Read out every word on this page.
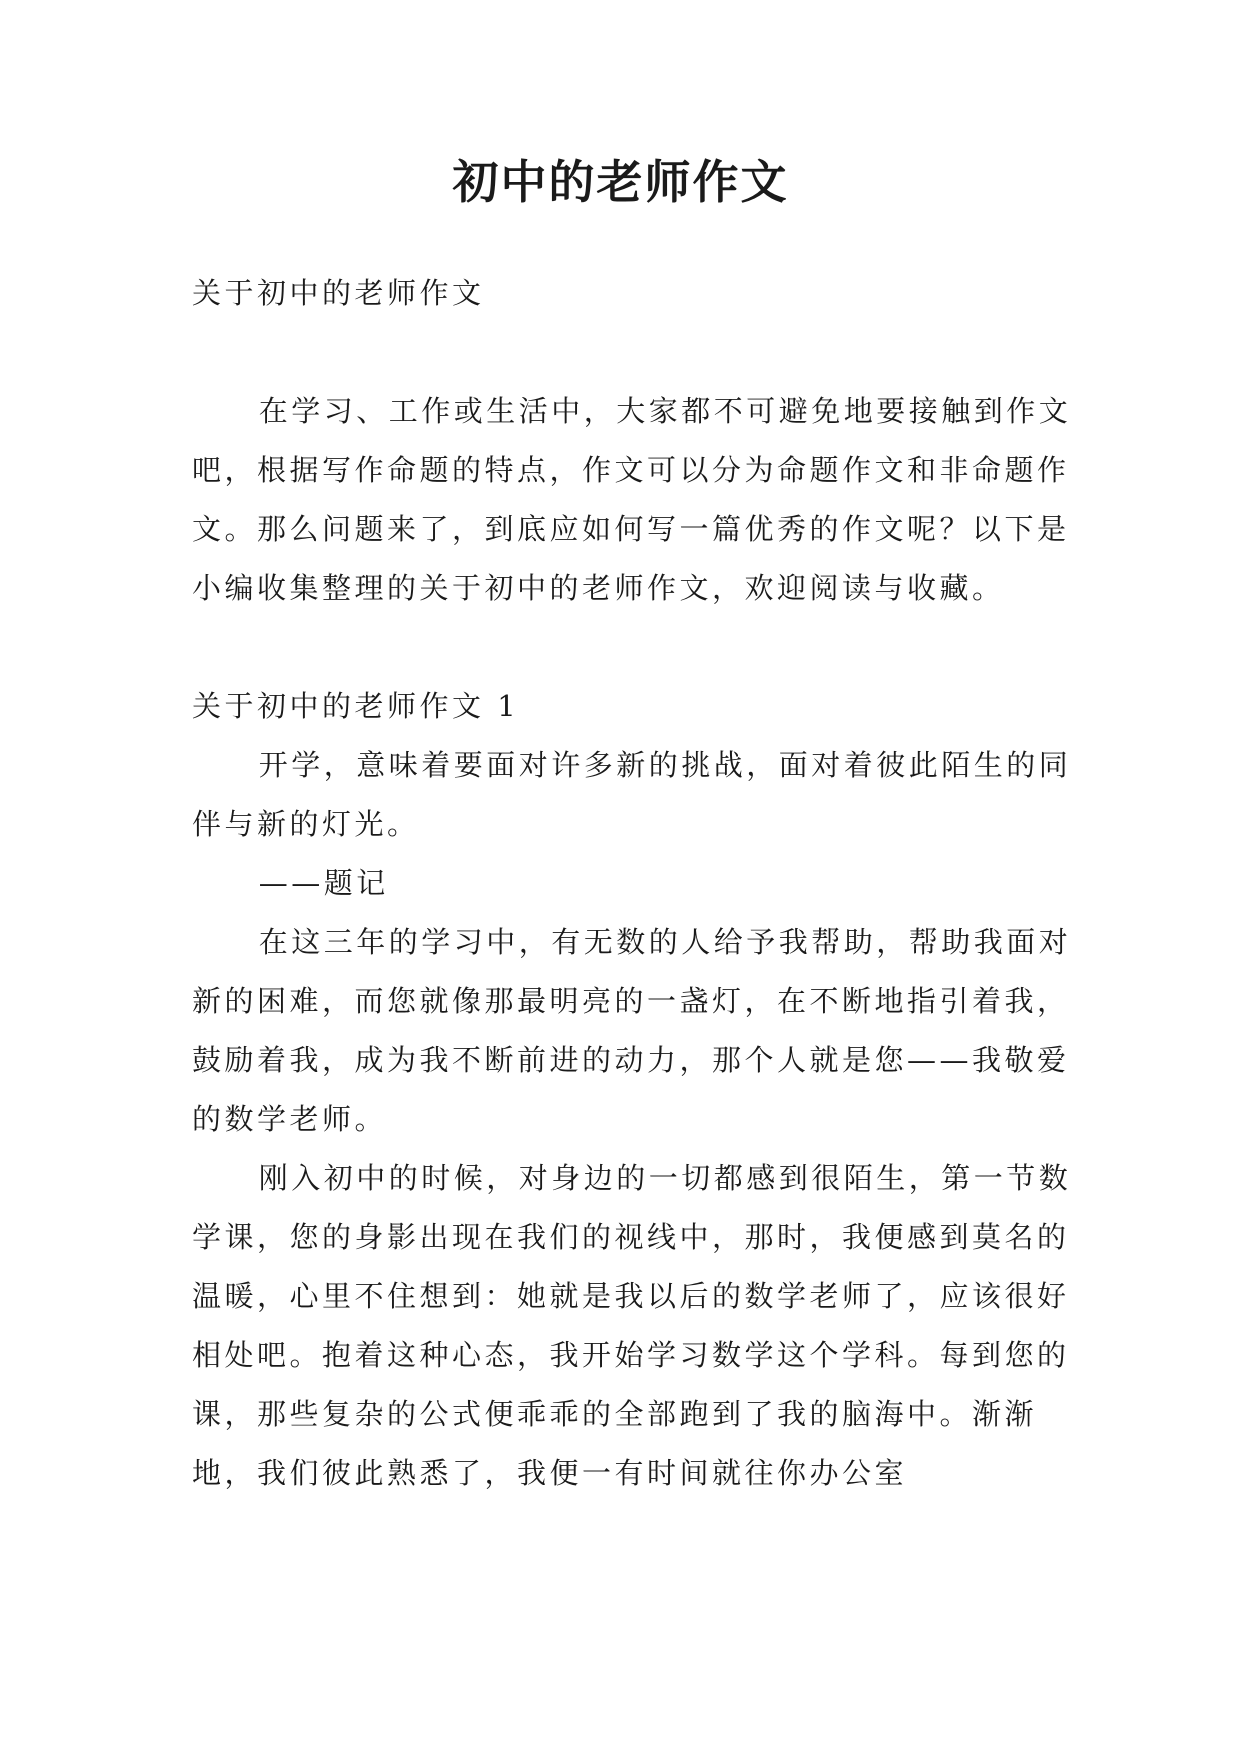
初中的老师作文

关于初中的老师作文

在学习、工作或生活中，大家都不可避免地要接触到作文吧，根据写作命题的特点，作文可以分为命题作文和非命题作文。那么问题来了，到底应如何写一篇优秀的作文呢？以下是小编收集整理的关于初中的老师作文，欢迎阅读与收藏。

关于初中的老师作文 1

开学，意味着要面对许多新的挑战，面对着彼此陌生的同伴与新的灯光。

——题记

在这三年的学习中，有无数的人给予我帮助，帮助我面对新的困难，而您就像那最明亮的一盏灯，在不断地指引着我，鼓励着我，成为我不断前进的动力，那个人就是您——我敬爱的数学老师。

刚入初中的时候，对身边的一切都感到很陌生，第一节数学课，您的身影出现在我们的视线中，那时，我便感到莫名的温暖，心里不住想到：她就是我以后的数学老师了，应该很好相处吧。抱着这种心态，我开始学习数学这个学科。每到您的课，那些复杂的公式便乖乖的全部跑到了我的脑海中。渐渐地，我们彼此熟悉了，我便一有时间就往你办公室
